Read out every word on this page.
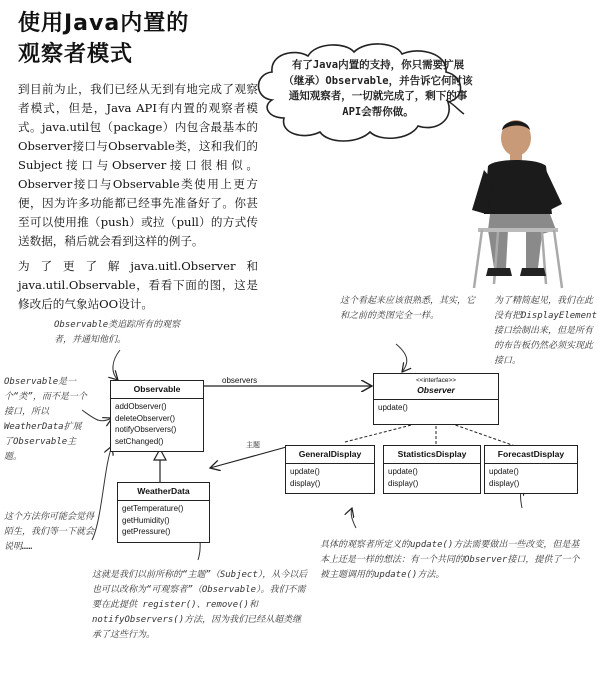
使用Java内置的
观察者模式

到目前为止，我们已经从无到有地完成了观察者模式，但是，Java API有内置的观察者模式。java.util包（package）内包含最基本的Observer接口与Observable类，这和我们的Subject接口与Observer接口很相似。Observer接口与Observable类使用上更方便，因为许多功能都已经事先准备好了。你甚至可以使用推（push）或拉（pull）的方式传送数据，稍后就会看到这样的例子。

为了更了解java.uitl.Observer和java.util.Observable，看看下面的图，这是修改后的气象站OO设计。

有了Java内置的支持，你只需要扩展（继承）Observable，并告诉它何时该通知观察者，一切就完成了，剩下的事API会帮你做。
observers
主题
Observable
addObserver()
deleteObserver()
notifyObservers()
setChanged()
<<interface>>
Observer
update()
WeatherData
getTemperature()
getHumidity()
getPressure()
GeneralDisplay
update()
display()
StatisticsDisplay
update()
display()
ForecastDisplay
update()
display()
Observable类追踪所有的观察者，并通知他们。
Observable是一个“类”，而不是一个接口，所以WeatherData扩展了Observable主题。
这个方法你可能会觉得陌生，我们等一下就会说明……
这就是我们以前所称的“主题”（Subject），从今以后也可以改称为“可观察者”（Observable）。我们不需要在此提供 register()、remove()和notifyObservers()方法，因为我们已经从超类继承了这些行为。
这个看起来应该很熟悉，其实，它和之前的类图完全一样。
为了精简起见，我们在此没有把DisplayElement接口绘制出来，但是所有的布告板仍然必须实现此接口。
具体的观察者所定义的update()方法需要做出一些改变，但是基本上还是一样的想法：有一个共同的Observer接口，提供了一个被主题调用的update()方法。
